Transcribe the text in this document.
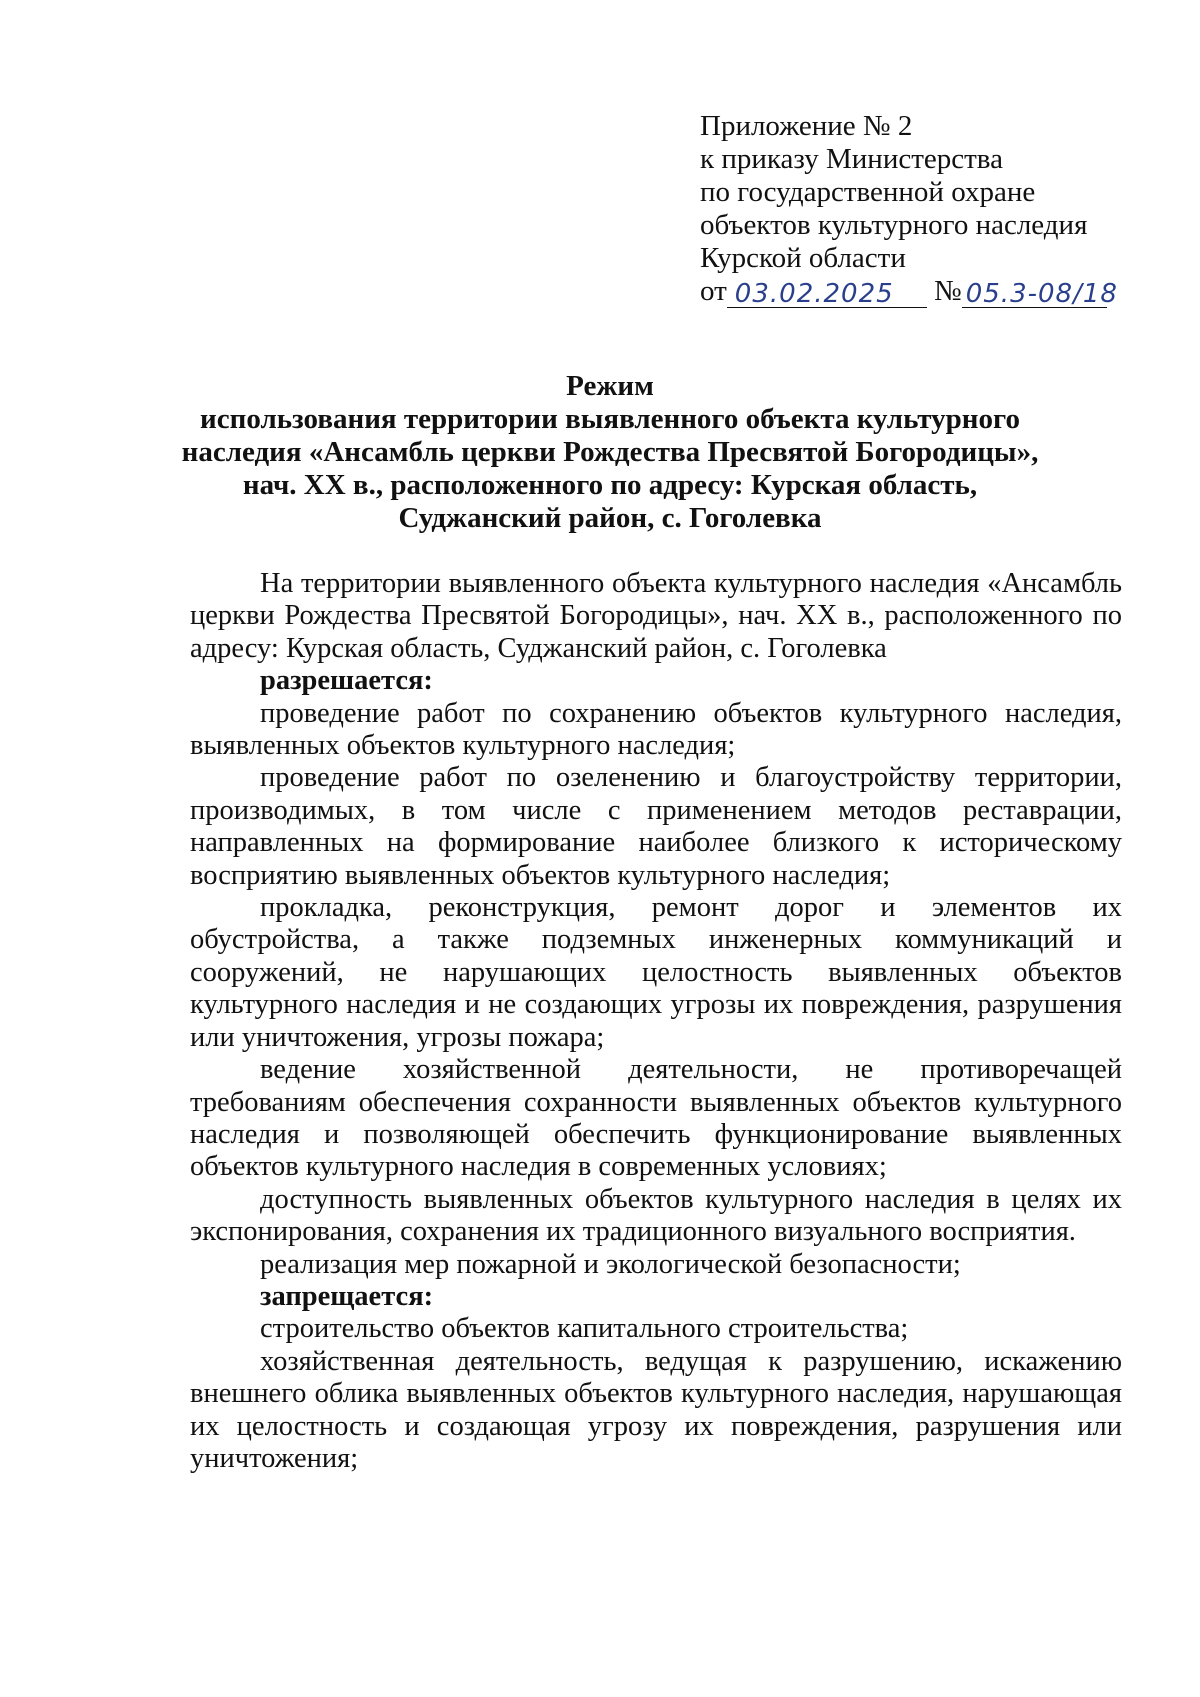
Приложение № 2
к приказу Министерства
по государственной охране
объектов культурного наследия
Курской области
от 03.02.2025 № 05.3-08/18
Режим
использования территории выявленного объекта культурного
наследия «Ансамбль церкви Рождества Пресвятой Богородицы»,
нач. XX в., расположенного по адресу: Курская область,
Суджанский район, с. Гоголевка

На территории выявленного объекта культурного наследия «Ансамбль церкви Рождества Пресвятой Богородицы», нач. XX в., расположенного по адресу: Курская область, Суджанский район, с. Гоголевка

разрешается:

проведение работ по сохранению объектов культурного наследия, выявленных объектов культурного наследия;

проведение работ по озеленению и благоустройству территории, производимых, в том числе с применением методов реставрации, направленных на формирование наиболее близкого к историческому восприятию выявленных объектов культурного наследия;

прокладка, реконструкция, ремонт дорог и элементов их обустройства, а также подземных инженерных коммуникаций и сооружений, не нарушающих целостность выявленных объектов культурного наследия и не создающих угрозы их повреждения, разрушения или уничтожения, угрозы пожара;

ведение хозяйственной деятельности, не противоречащей требованиям обеспечения сохранности выявленных объектов культурного наследия и позволяющей обеспечить функционирование выявленных объектов культурного наследия в современных условиях;

доступность выявленных объектов культурного наследия в целях их экспонирования, сохранения их традиционного визуального восприятия.

реализация мер пожарной и экологической безопасности;

запрещается:

строительство объектов капитального строительства;

хозяйственная деятельность, ведущая к разрушению, искажению внешнего облика выявленных объектов культурного наследия, нарушающая их целостность и создающая угрозу их повреждения, разрушения или уничтожения;
